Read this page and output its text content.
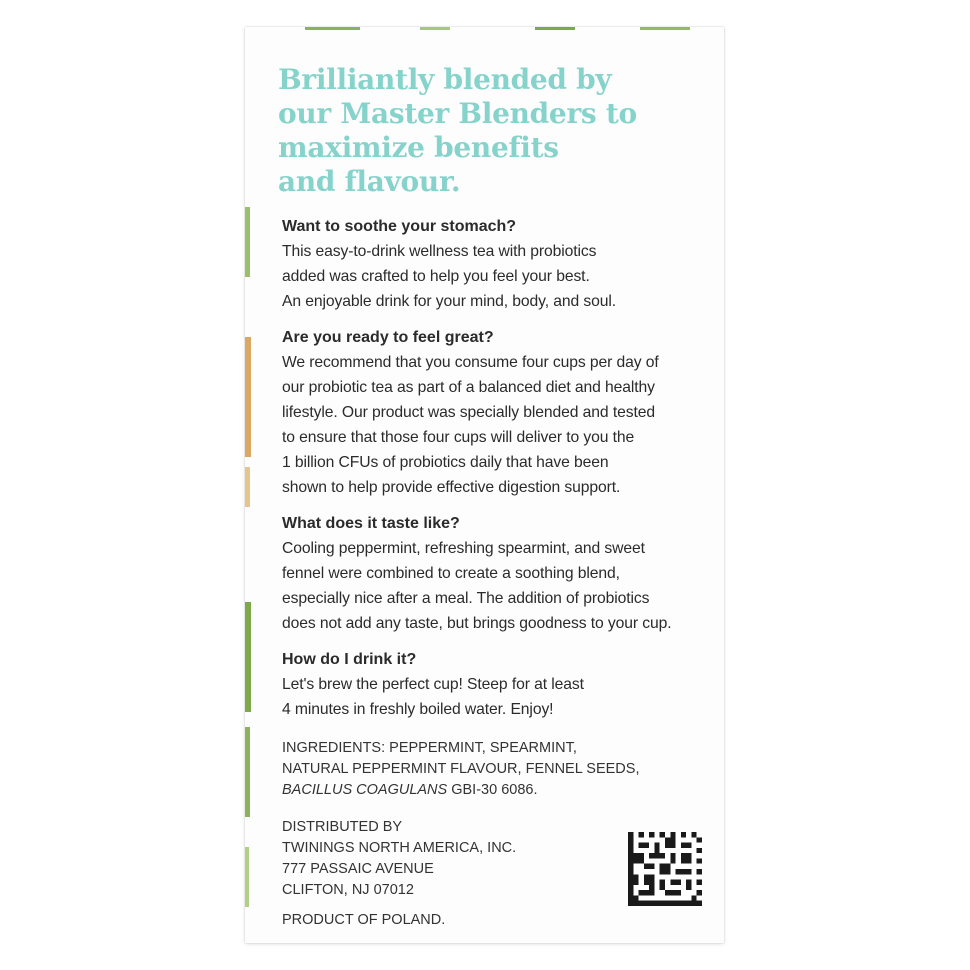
Brilliantly blended by
our Master Blenders to
maximize benefits
and flavour.
Want to soothe your stomach?
This easy-to-drink wellness tea with probiotics
added was crafted to help you feel your best.
An enjoyable drink for your mind, body, and soul.
Are you ready to feel great?
We recommend that you consume four cups per day of
our probiotic tea as part of a balanced diet and healthy
lifestyle. Our product was specially blended and tested
to ensure that those four cups will deliver to you the
1 billion CFUs of probiotics daily that have been
shown to help provide effective digestion support.
What does it taste like?
Cooling peppermint, refreshing spearmint, and sweet
fennel were combined to create a soothing blend,
especially nice after a meal. The addition of probiotics
does not add any taste, but brings goodness to your cup.
How do I drink it?
Let's brew the perfect cup! Steep for at least
4 minutes in freshly boiled water. Enjoy!
INGREDIENTS: PEPPERMINT, SPEARMINT,
NATURAL PEPPERMINT FLAVOUR, FENNEL SEEDS,
BACILLUS COAGULANS GBI-30 6086.
DISTRIBUTED BY
TWININGS NORTH AMERICA, INC.
777 PASSAIC AVENUE
CLIFTON, NJ 07012
PRODUCT OF POLAND.
